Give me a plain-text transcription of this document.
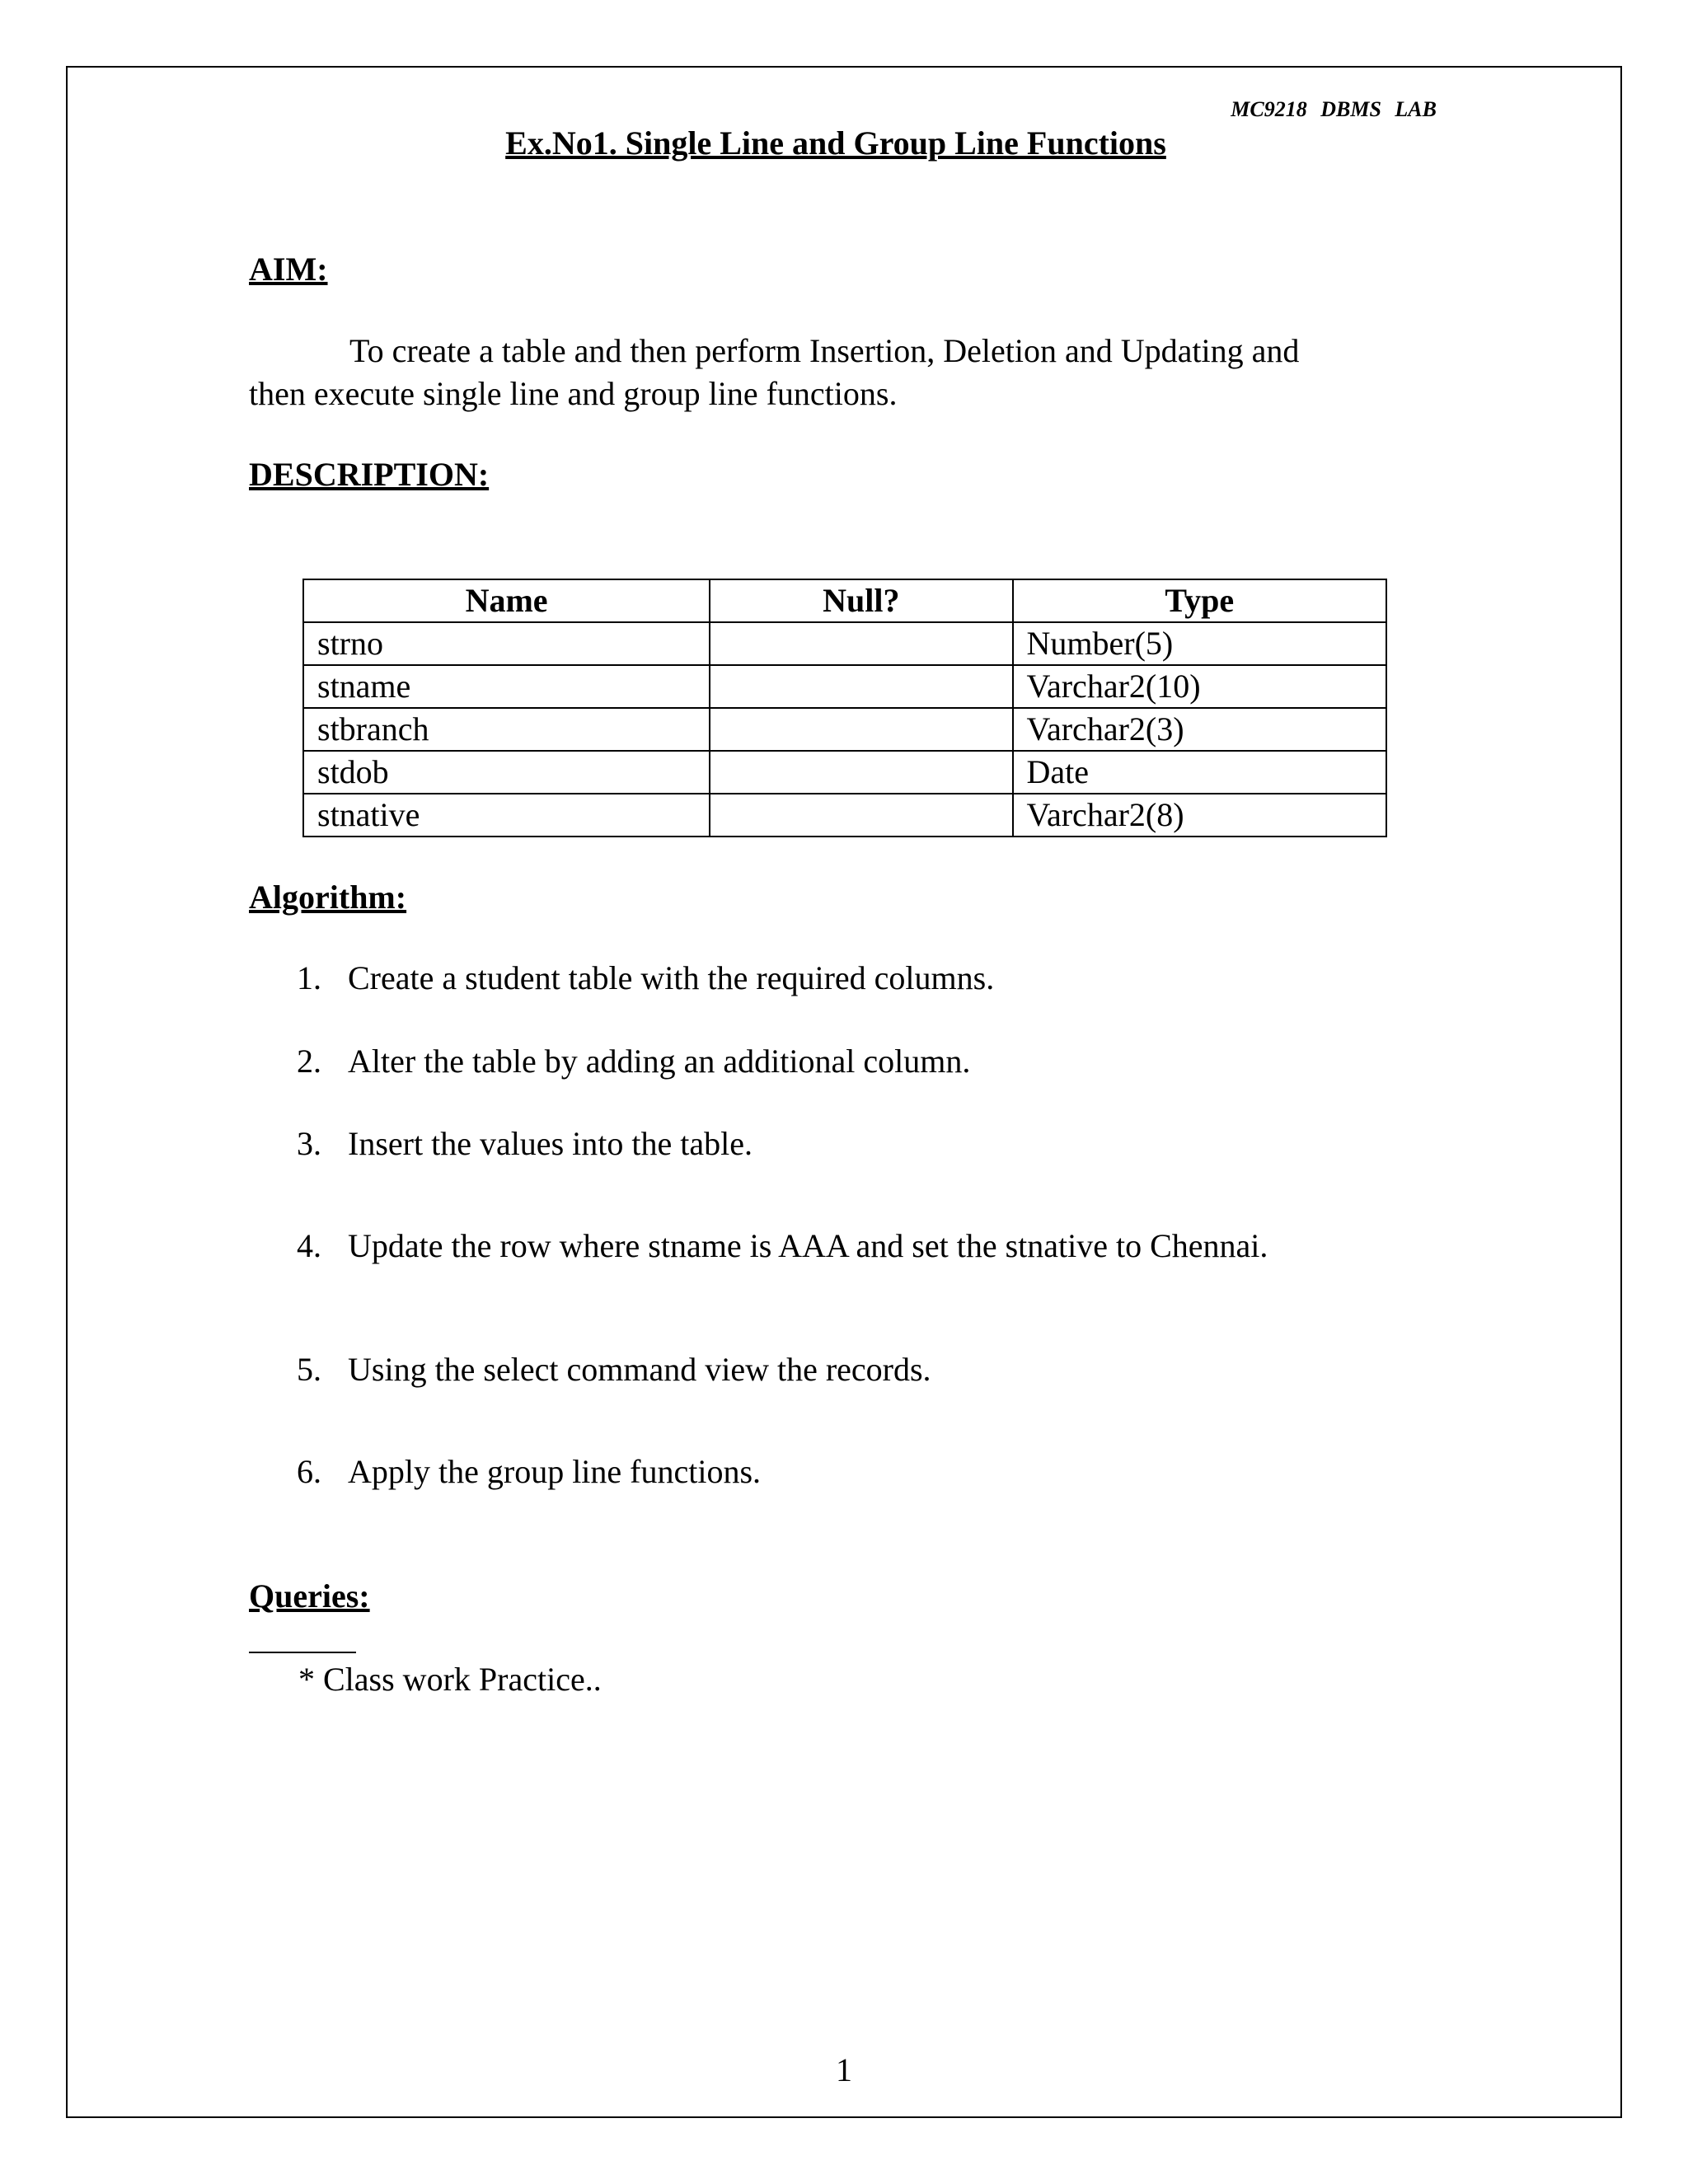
MC9218 DBMS LAB
Ex.No1. Single Line and Group Line Functions
AIM:
To create a table and then perform Insertion, Deletion and Updating and
then execute single line and group line functions.
DESCRIPTION:
Name	Null?	Type
strno		Number(5)
stname		Varchar2(10)
stbranch		Varchar2(3)
stdob		Date
stnative		Varchar2(8)
Algorithm:
1. Create a student table with the required columns.
2. Alter the table by adding an additional column.
3. Insert the values into the table.
4. Update the row where stname is AAA and set the stnative to Chennai.
5. Using the select command view the records.
6. Apply the group line functions.
Queries:
* Class work Practice..
1
